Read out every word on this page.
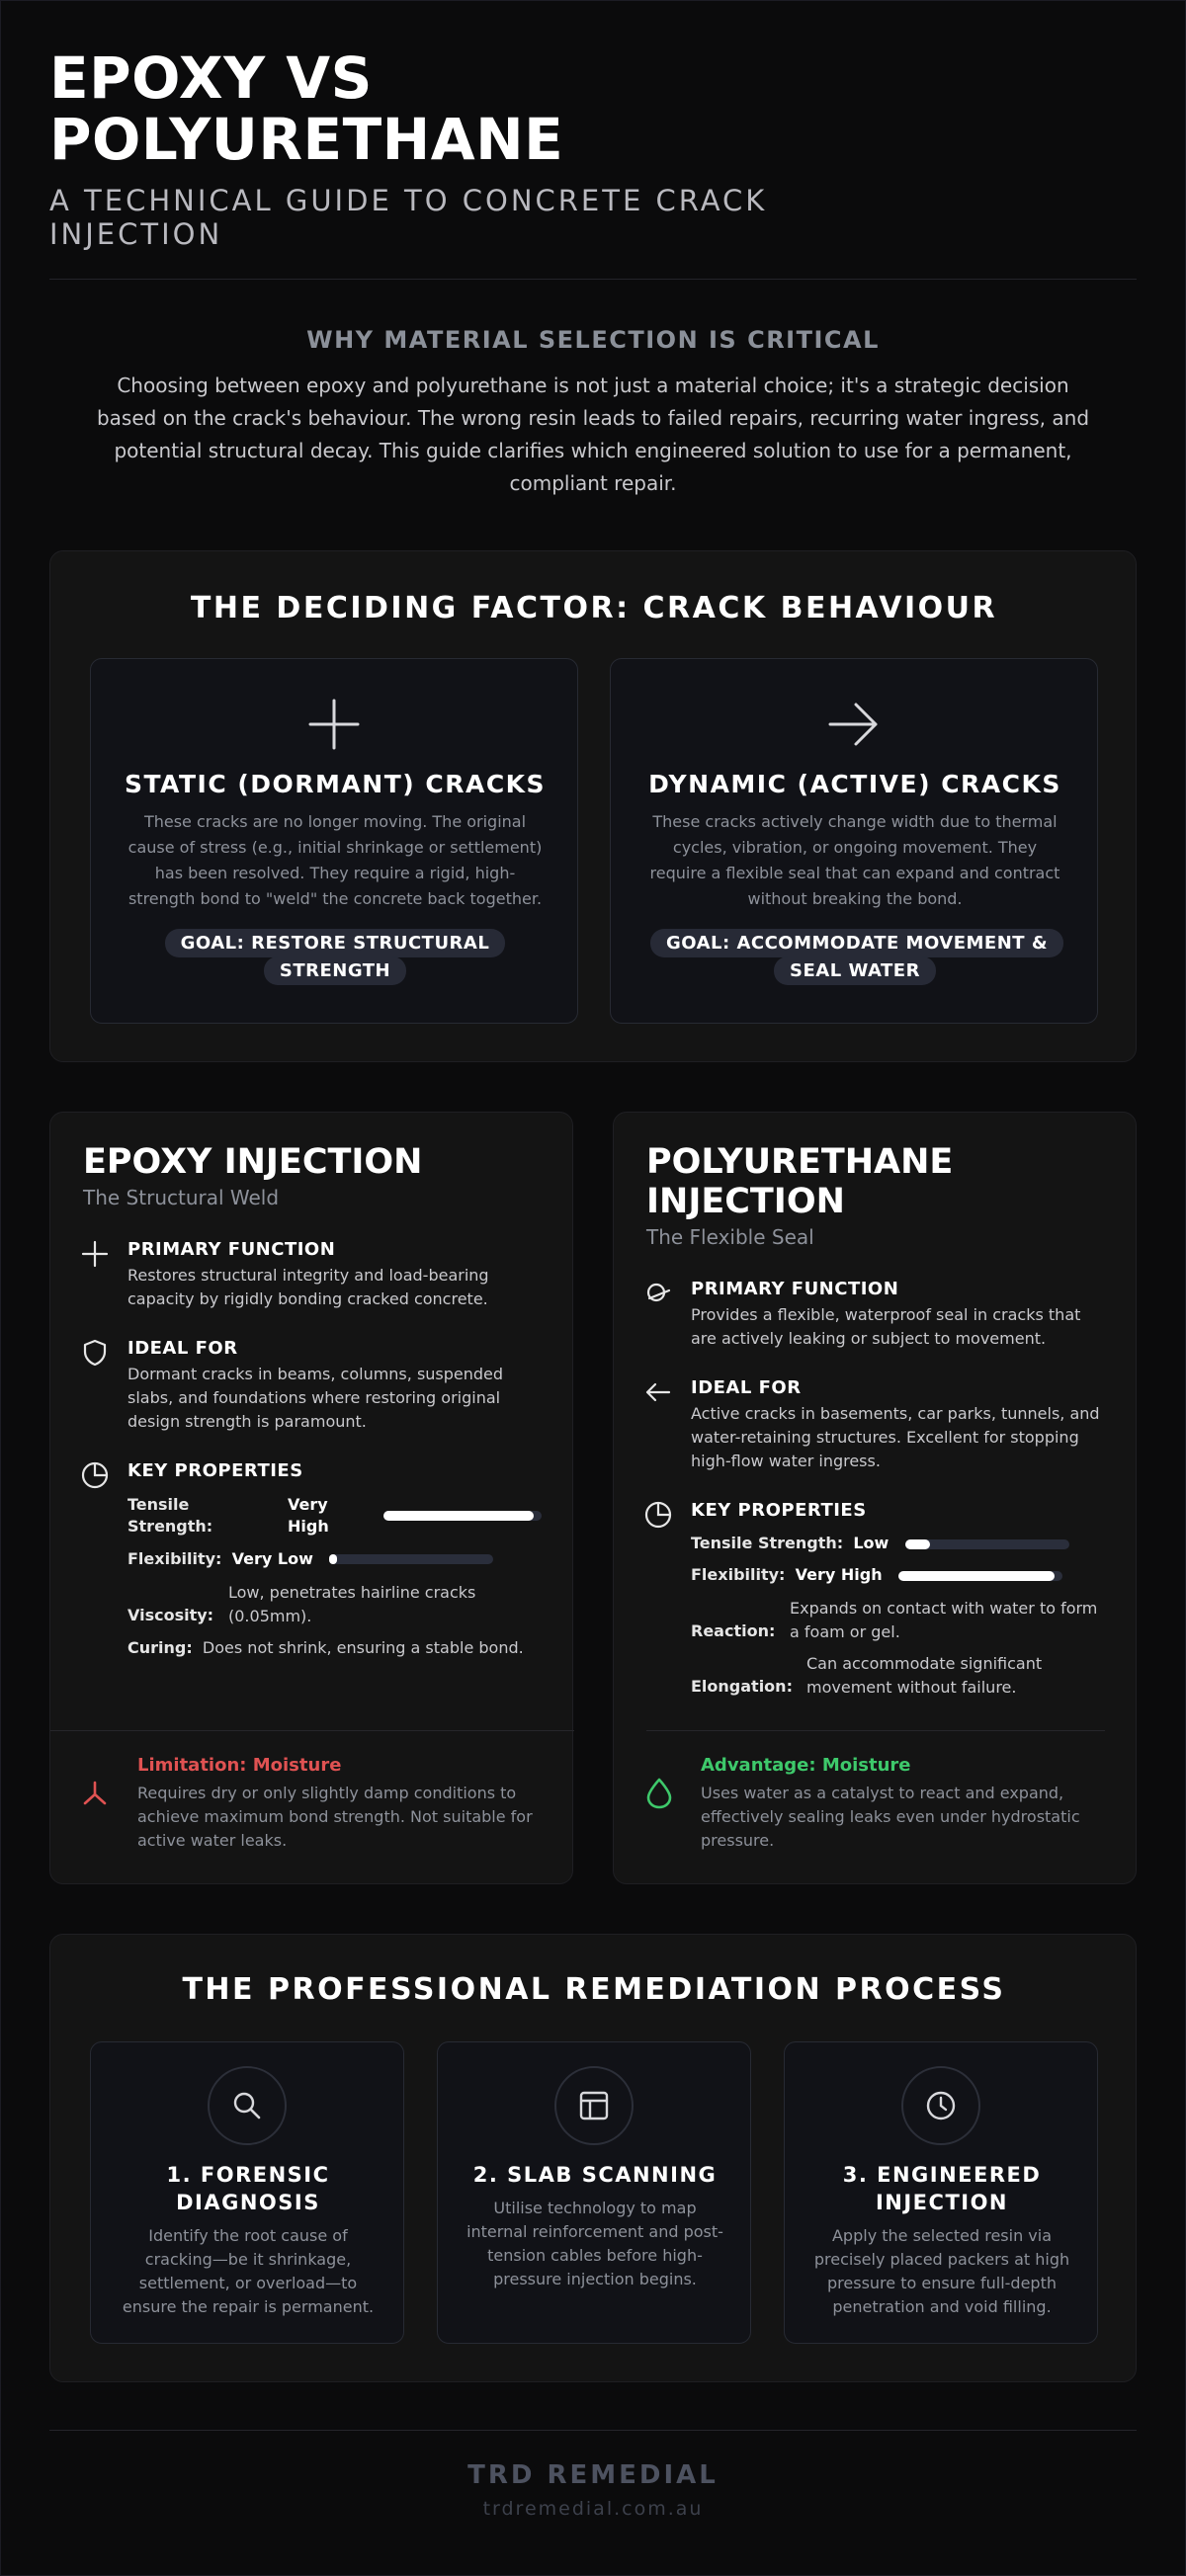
EPOXY VS POLYURETHANE
A TECHNICAL GUIDE TO CONCRETE CRACK INJECTION
WHY MATERIAL SELECTION IS CRITICAL

Choosing between epoxy and polyurethane is not just a material choice; it's a strategic decision based on the crack's behaviour. The wrong resin leads to failed repairs, recurring water ingress, and potential structural decay. This guide clarifies which engineered solution to use for a permanent, compliant repair.

THE DECIDING FACTOR: CRACK BEHAVIOUR
STATIC (DORMANT) CRACKS

These cracks are no longer moving. The original cause of stress (e.g., initial shrinkage or settlement) has been resolved. They require a rigid, high-strength bond to "weld" the concrete back together.

GOAL: RESTORE STRUCTURAL STRENGTH
DYNAMIC (ACTIVE) CRACKS

These cracks actively change width due to thermal cycles, vibration, or ongoing movement. They require a flexible seal that can expand and contract without breaking the bond.

GOAL: ACCOMMODATE MOVEMENT & SEAL WATER
EPOXY INJECTION
The Structural Weld
PRIMARY FUNCTION

Restores structural integrity and load-bearing capacity by rigidly bonding cracked concrete.

IDEAL FOR

Dormant cracks in beams, columns, suspended slabs, and foundations where restoring original design strength is paramount.

KEY PROPERTIES
Tensile Strength:
Very High
Flexibility: Very Low
Viscosity:
Low, penetrates hairline cracks (0.05mm).
Curing: Does not shrink, ensuring a stable bond.
Limitation: Moisture

Requires dry or only slightly damp conditions to achieve maximum bond strength. Not suitable for active water leaks.

POLYURETHANE INJECTION
The Flexible Seal
PRIMARY FUNCTION

Provides a flexible, waterproof seal in cracks that are actively leaking or subject to movement.

IDEAL FOR

Active cracks in basements, car parks, tunnels, and water-retaining structures. Excellent for stopping high-flow water ingress.

KEY PROPERTIES
Tensile Strength: Low
Flexibility: Very High
Reaction:
Expands on contact with water to form a foam or gel.
Elongation:
Can accommodate significant movement without failure.
Advantage: Moisture

Uses water as a catalyst to react and expand, effectively sealing leaks even under hydrostatic pressure.

THE PROFESSIONAL REMEDIATION PROCESS
1. FORENSIC DIAGNOSIS

Identify the root cause of cracking—be it shrinkage, settlement, or overload—to ensure the repair is permanent.

2. SLAB SCANNING

Utilise technology to map internal reinforcement and post-tension cables before high-pressure injection begins.

3. ENGINEERED INJECTION

Apply the selected resin via precisely placed packers at high pressure to ensure full-depth penetration and void filling.

TRD REMEDIAL
trdremedial.com.au
